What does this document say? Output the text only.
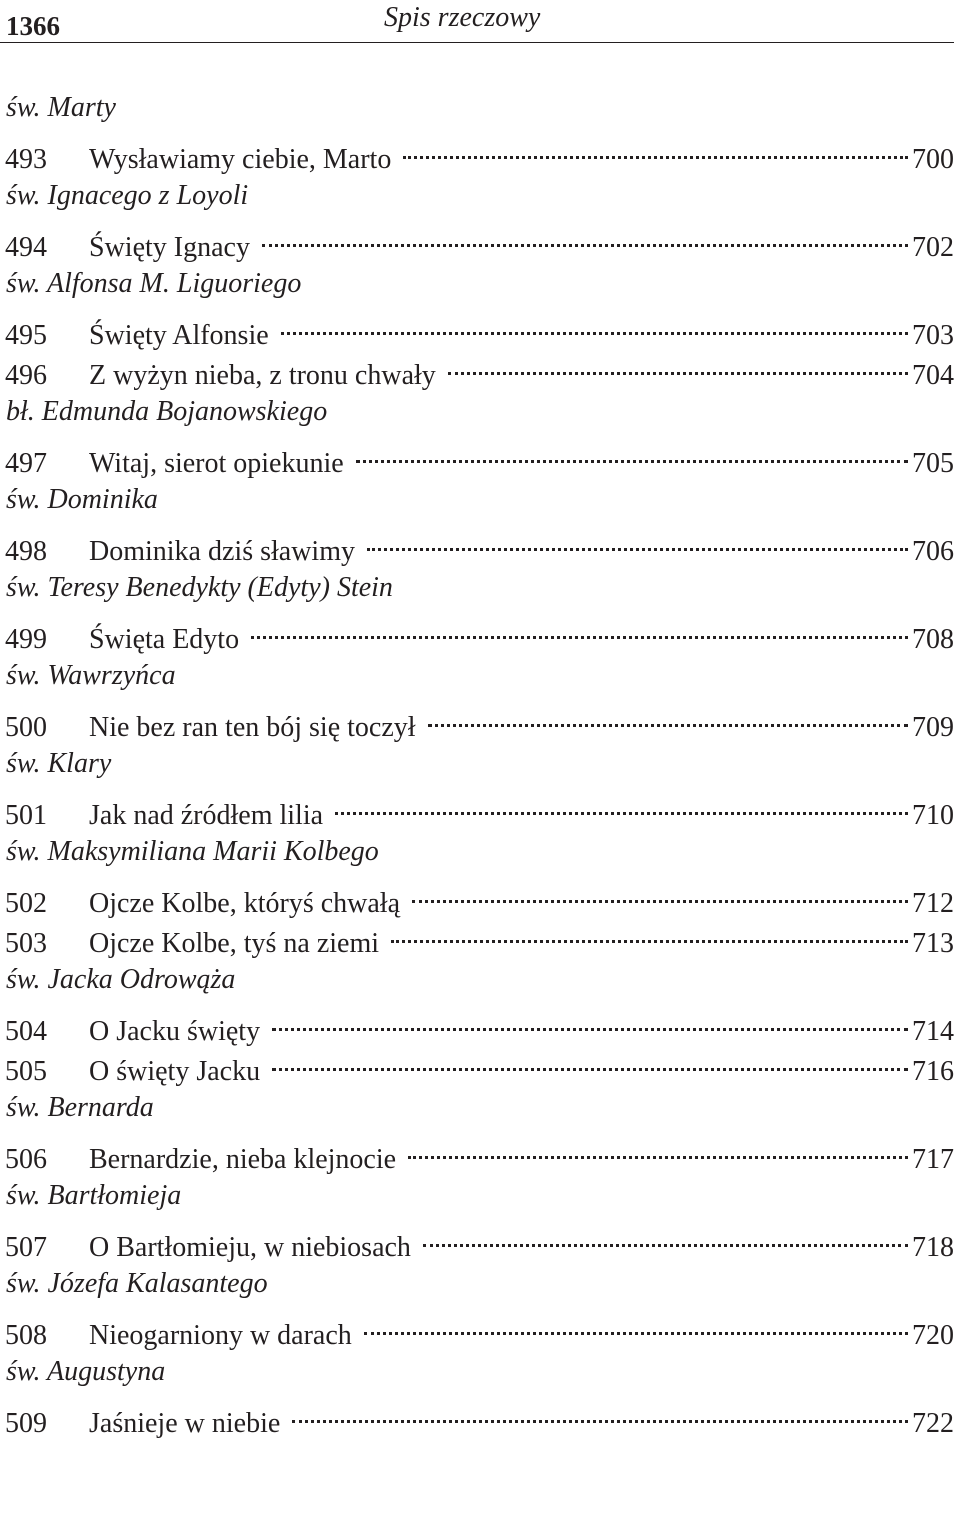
1366	Spis rzeczowy
św. Marty
493	Wysławiamy ciebie, Marto	700
św. Ignacego z Loyoli
494	Święty Ignacy	702
św. Alfonsa M. Liguoriego
495	Święty Alfonsie	703
496	Z wyżyn nieba, z tronu chwały	704
bł. Edmunda Bojanowskiego
497	Witaj, sierot opiekunie	705
św. Dominika
498	Dominika dziś sławimy	706
św. Teresy Benedykty (Edyty) Stein
499	Święta Edyto	708
św. Wawrzyńca
500	Nie bez ran ten bój się toczył	709
św. Klary
501	Jak nad źródłem lilia	710
św. Maksymiliana Marii Kolbego
502	Ojcze Kolbe, któryś chwałą	712
503	Ojcze Kolbe, tyś na ziemi	713
św. Jacka Odrowąża
504	O Jacku święty	714
505	O święty Jacku	716
św. Bernarda
506	Bernardzie, nieba klejnocie	717
św. Bartłomieja
507	O Bartłomieju, w niebiosach	718
św. Józefa Kalasantego
508	Nieogarniony w darach	720
św. Augustyna
509	Jaśnieje w niebie	722
